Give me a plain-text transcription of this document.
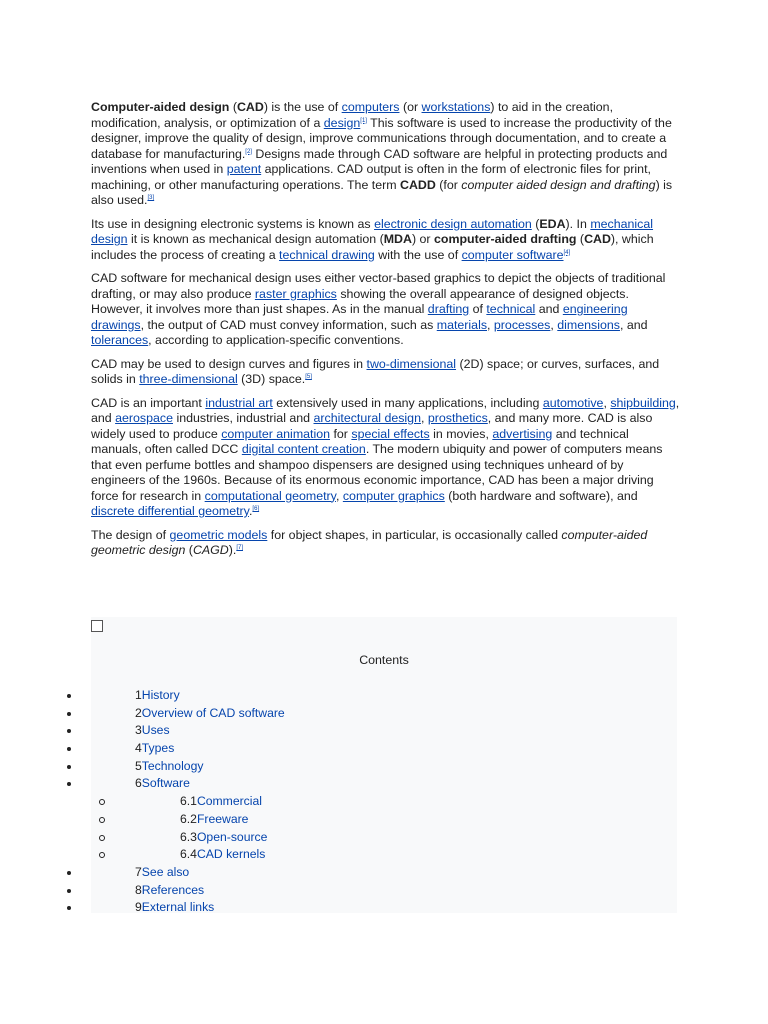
Computer-aided design (CAD) is the use of computers (or workstations) to aid in the creation, modification, analysis, or optimization of a design[1] This software is used to increase the productivity of the designer, improve the quality of design, improve communications through documentation, and to create a database for manufacturing.[2] Designs made through CAD software are helpful in protecting products and inventions when used in patent applications. CAD output is often in the form of electronic files for print, machining, or other manufacturing operations. The term CADD (for computer aided design and drafting) is also used.[3]

Its use in designing electronic systems is known as electronic design automation (EDA). In mechanical design it is known as mechanical design automation (MDA) or computer-aided drafting (CAD), which includes the process of creating a technical drawing with the use of computer software[4]

CAD software for mechanical design uses either vector-based graphics to depict the objects of traditional drafting, or may also produce raster graphics showing the overall appearance of designed objects. However, it involves more than just shapes. As in the manual drafting of technical and engineering drawings, the output of CAD must convey information, such as materials, processes, dimensions, and tolerances, according to application-specific conventions.

CAD may be used to design curves and figures in two-dimensional (2D) space; or curves, surfaces, and solids in three-dimensional (3D) space.[5]

CAD is an important industrial art extensively used in many applications, including automotive, shipbuilding, and aerospace industries, industrial and architectural design, prosthetics, and many more. CAD is also widely used to produce computer animation for special effects in movies, advertising and technical manuals, often called DCC digital content creation. The modern ubiquity and power of computers means that even perfume bottles and shampoo dispensers are designed using techniques unheard of by engineers of the 1960s. Because of its enormous economic importance, CAD has been a major driving force for research in computational geometry, computer graphics (both hardware and software), and discrete differential geometry.[6]

The design of geometric models for object shapes, in particular, is occasionally called computer-aided geometric design (CAGD).[7]

Contents
1History
2Overview of CAD software
3Uses
4Types
5Technology
6Software
6.1Commercial
6.2Freeware
6.3Open-source
6.4CAD kernels
7See also
8References
9External links
